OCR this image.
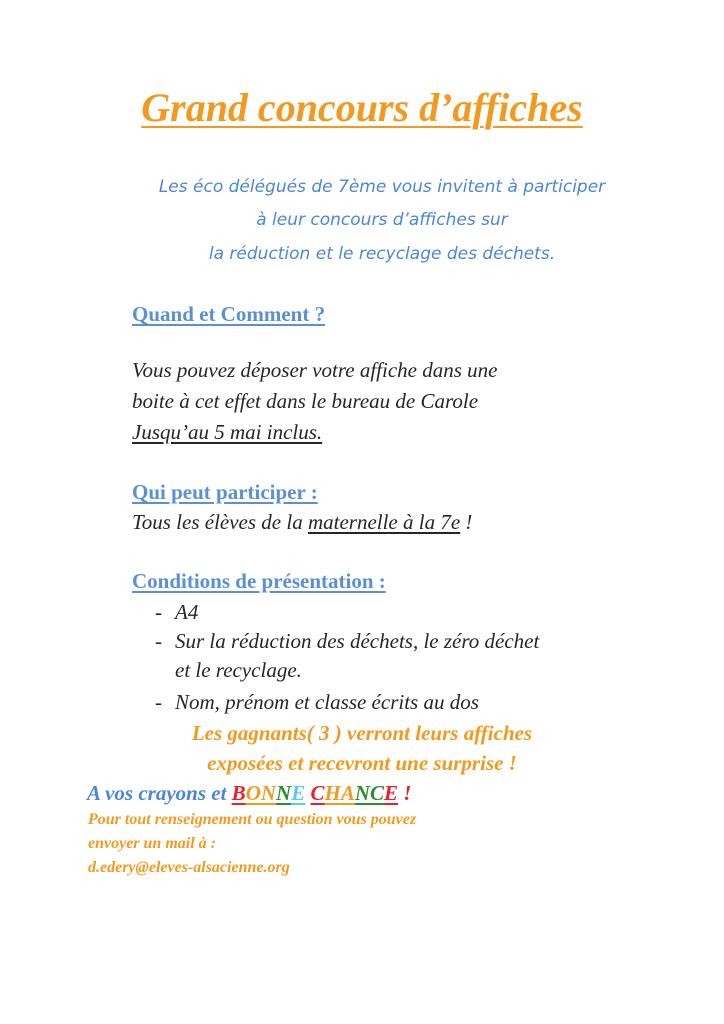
Grand concours d’affiches
Les éco délégués de 7ème vous invitent à participer
à leur concours d’affiches sur
la réduction et le recyclage des déchets.
Quand et Comment ?
Vous pouvez déposer votre affiche dans une
boite à cet effet dans le bureau de Carole
Jusqu’au 5 mai inclus.
Qui peut participer :
Tous les élèves de la maternelle à la 7e !
Conditions de présentation :
- A4
- Sur la réduction des déchets, le zéro déchet
et le recyclage.
- Nom, prénom et classe écrits au dos
Les gagnants( 3 ) verront leurs affiches
exposées et recevront une surprise !
A vos crayons et BONNE CHANCE !
Pour tout renseignement ou question vous pouvez
envoyer un mail à :
d.edery@eleves-alsacienne.org
